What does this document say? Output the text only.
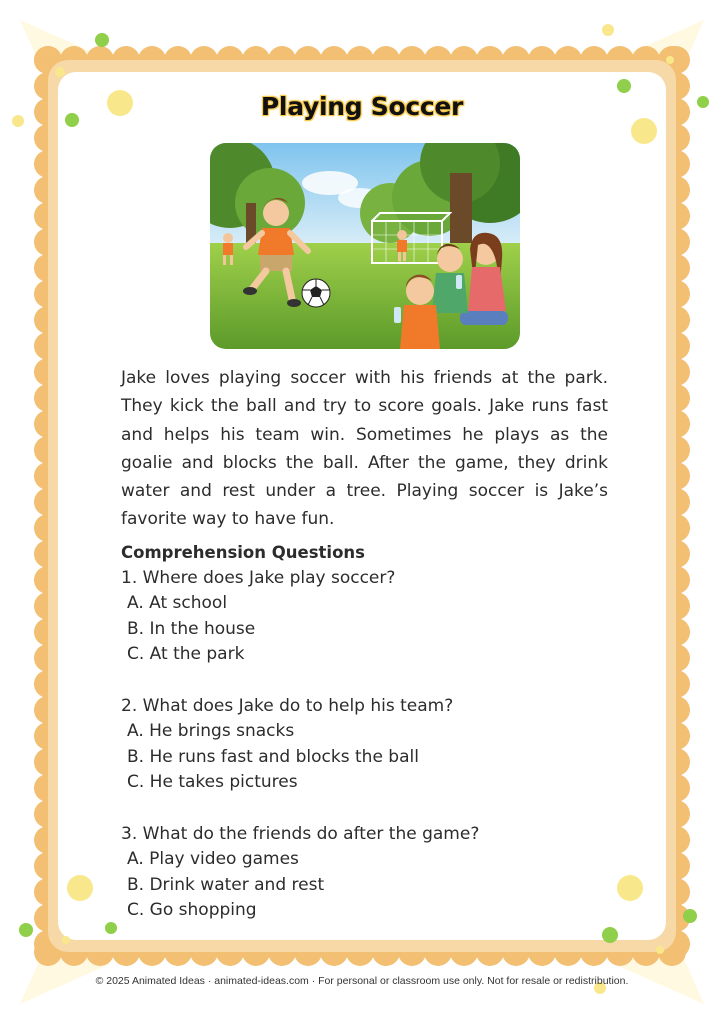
Playing Soccer

Jake loves playing soccer with his friends at the park. They kick the ball and try to score goals. Jake runs fast and helps his team win. Sometimes he plays as the goalie and blocks the ball. After the game, they drink water and rest under a tree. Playing soccer is Jake’s favorite way to have fun.

Comprehension Questions

1. Where does Jake play soccer?

A. At school

B. In the house

C. At the park

2. What does Jake do to help his team?

A. He brings snacks

B. He runs fast and blocks the ball

C. He takes pictures

3. What do the friends do after the game?

A. Play video games

B. Drink water and rest

C. Go shopping

© 2025 Animated Ideas · animated-ideas.com · For personal or classroom use only. Not for resale or redistribution.
